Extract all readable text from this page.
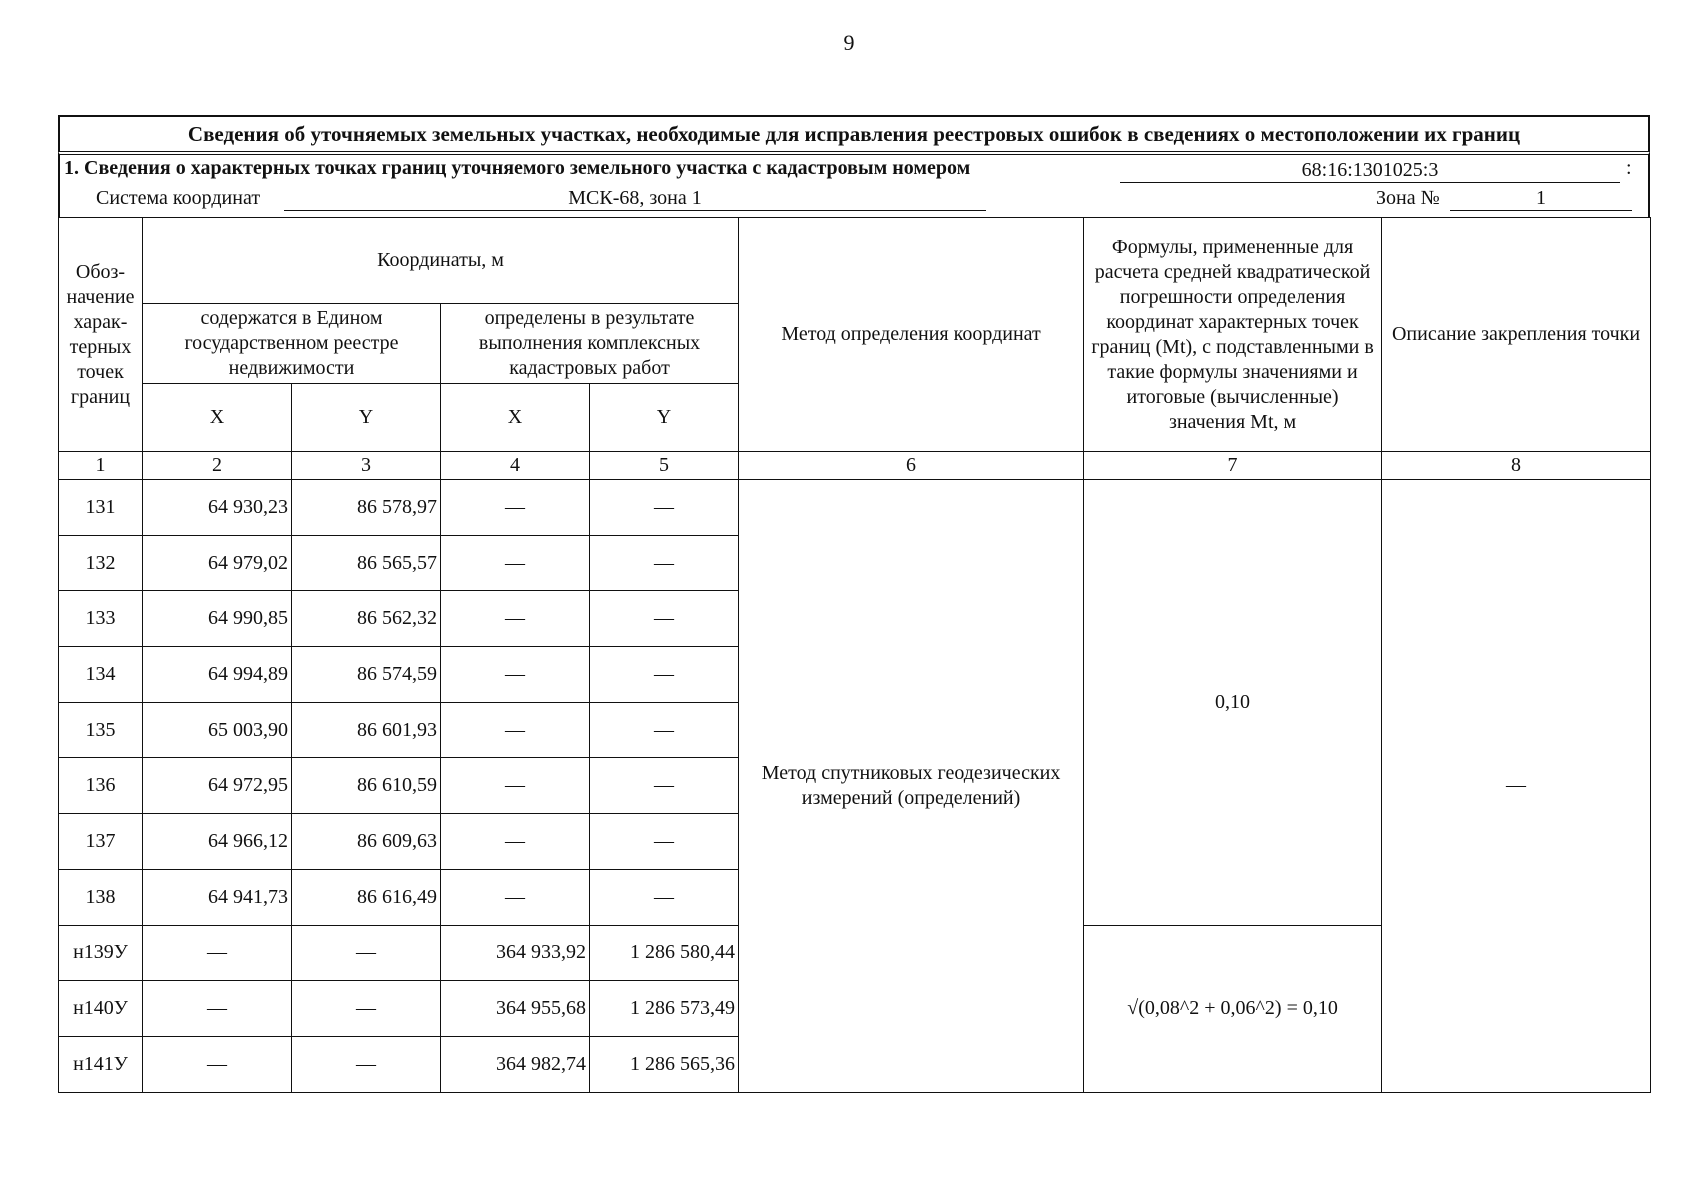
9
Сведения об уточняемых земельных участках, необходимые для исправления реестровых ошибок в сведениях о местоположении их границ
1. Сведения о характерных точках границ уточняемого земельного участка с кадастровым номером	68:16:1301025:3	:
Система координат	МСК-68, зона 1	Зона №	1
Обоз-начение харак-терных точек границ	Координаты, м				Метод определения координат	Формулы, примененные для расчета средней квадратической погрешности определения координат характерных точек границ (Mt), с подставленными в такие формулы значениями и итоговые (вычисленные) значения Mt, м	Описание закрепления точки
	содержатся в Едином государственном реестре недвижимости		определены в результате выполнения комплексных кадастровых работ				
	X	Y	X	Y			
1	2	3	4	5	6	7	8
131	64 930,23	86 578,97	—	—	Метод спутниковых геодезических измерений (определений)	0,10	—
132	64 979,02	86 565,57	—	—			
133	64 990,85	86 562,32	—	—			
134	64 994,89	86 574,59	—	—			
135	65 003,90	86 601,93	—	—			
136	64 972,95	86 610,59	—	—			
137	64 966,12	86 609,63	—	—			
138	64 941,73	86 616,49	—	—			
н139У	—	—	364 933,92	1 286 580,44		√(0,08^2 + 0,06^2) = 0,10	
н140У	—	—	364 955,68	1 286 573,49			
н141У	—	—	364 982,74	1 286 565,36			
